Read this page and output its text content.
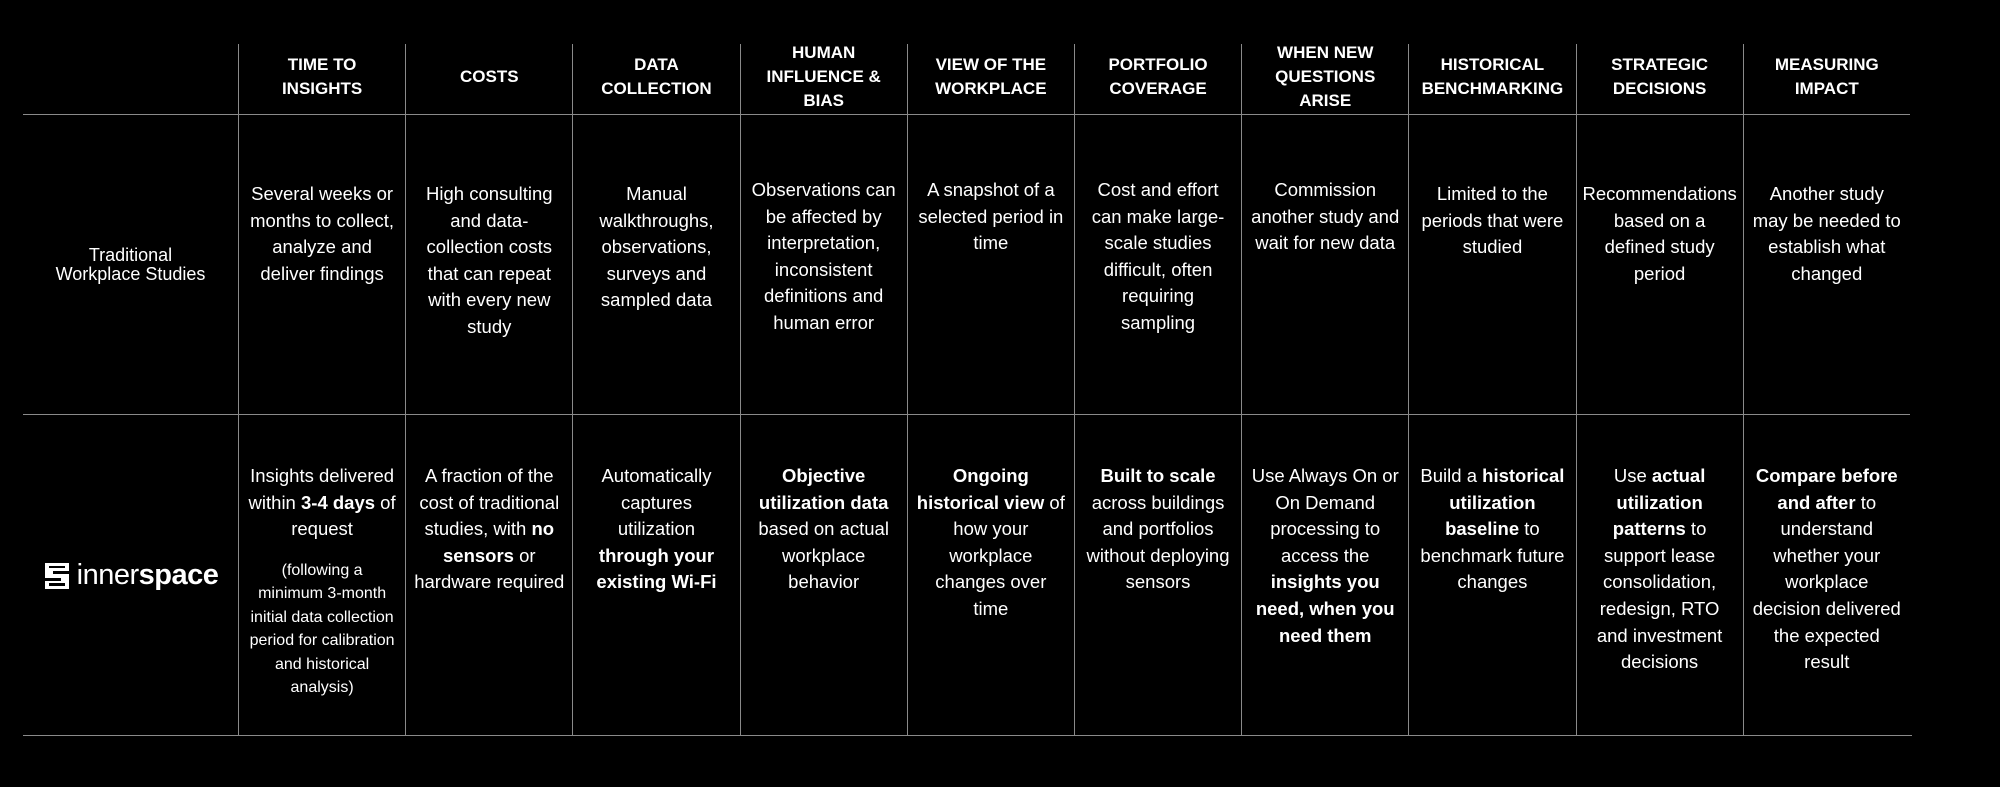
TIME TO INSIGHTS
COSTS
DATA COLLECTION
HUMAN INFLUENCE & BIAS
VIEW OF THE WORKPLACE
PORTFOLIO COVERAGE
WHEN NEW QUESTIONS ARISE
HISTORICAL BENCHMARKING
STRATEGIC DECISIONS
MEASURING IMPACT
Traditional Workplace Studies
Several weeks or months to collect, analyze and deliver findings
High consulting and data-collection costs that can repeat with every new study
Manual walkthroughs, observations, surveys and sampled data
Observations can be affected by interpretation, inconsistent definitions and human error
A snapshot of a selected period in time
Cost and effort can make large-scale studies difficult, often requiring sampling
Commission another study and wait for new data
Limited to the periods that were studied
Recommendations based on a defined study period
Another study may be needed to establish what changed
innerspace
Insights delivered within 3-4 days of request
(following a minimum 3-month initial data collection period for calibration and historical analysis)
A fraction of the cost of traditional studies, with no sensors or hardware required
Automatically captures utilization through your existing Wi-Fi
Objective utilization data based on actual workplace behavior
Ongoing historical view of how your workplace changes over time
Built to scale across buildings and portfolios without deploying sensors
Use Always On or On Demand processing to access the insights you need, when you need them
Build a historical utilization baseline to benchmark future changes
Use actual utilization patterns to support lease consolidation, redesign, RTO and investment decisions
Compare before and after to understand whether your workplace decision delivered the expected result
